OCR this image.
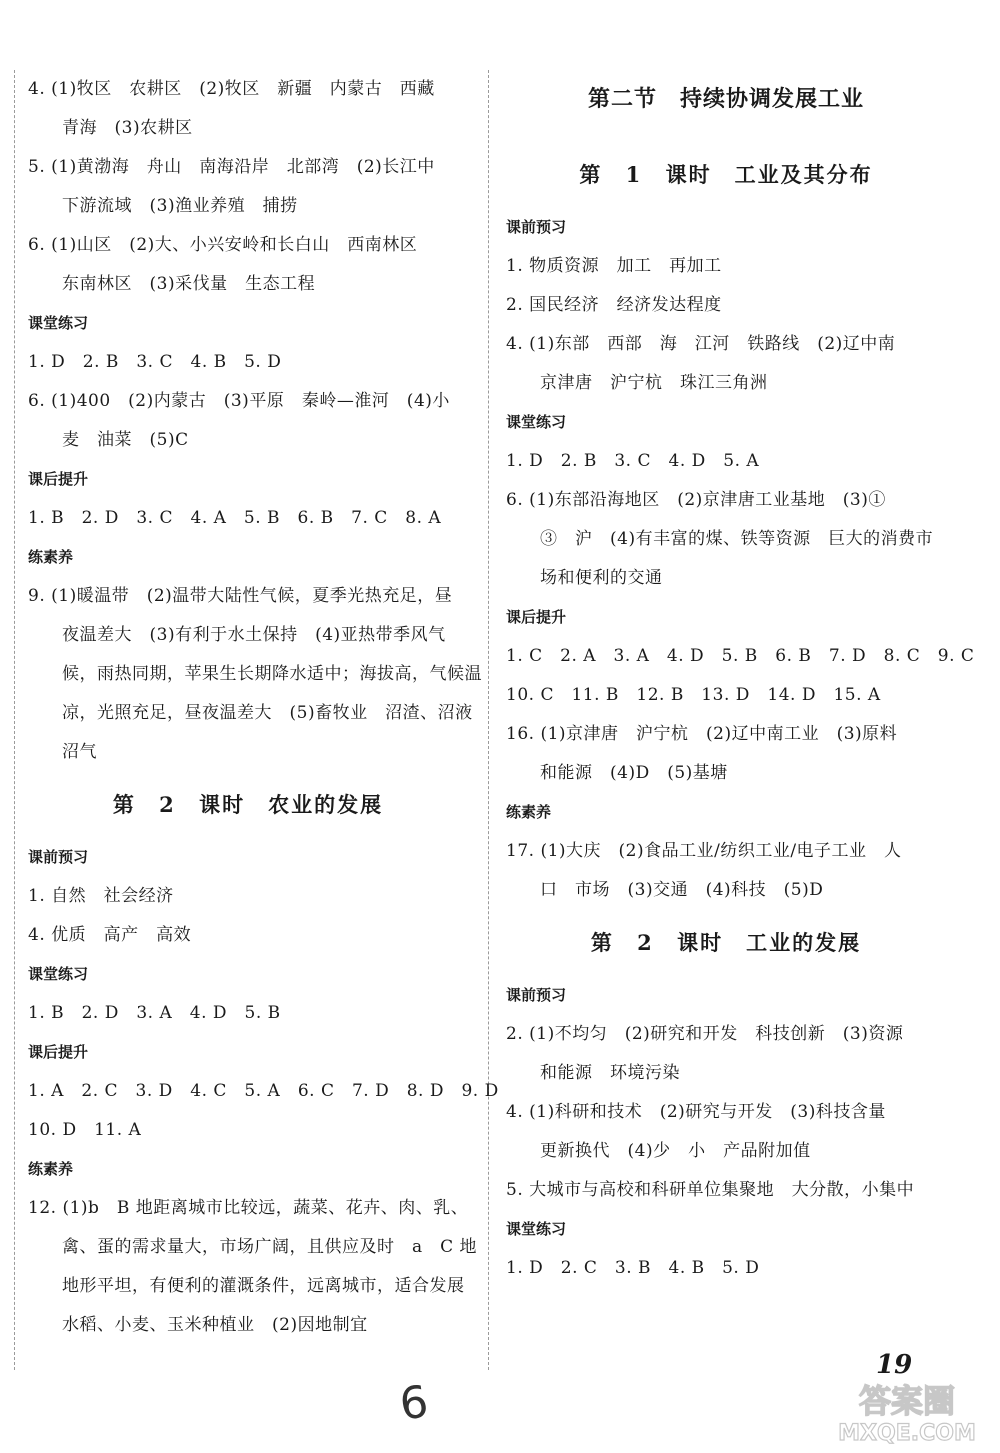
4. (1)牧区　农耕区　(2)牧区　新疆　内蒙古　西藏
青海　(3)农耕区
5. (1)黄渤海　舟山　南海沿岸　北部湾　(2)长江中
下游流域　(3)渔业养殖　捕捞
6. (1)山区　(2)大、小兴安岭和长白山　西南林区
东南林区　(3)采伐量　生态工程
课堂练习
1. D　2. B　3. C　4. B　5. D
6. (1)400　(2)内蒙古　(3)平原　秦岭—淮河　(4)小
麦　油菜　(5)C
课后提升
1. B　2. D　3. C　4. A　5. B　6. B　7. C　8. A
练素养
9. (1)暖温带　(2)温带大陆性气候，夏季光热充足，昼
夜温差大　(3)有利于水土保持　(4)亚热带季风气
候，雨热同期，苹果生长期降水适中；海拔高，气候温
凉，光照充足，昼夜温差大　(5)畜牧业　沼渣、沼液
沼气
第 2 课时　农业的发展
课前预习
1. 自然　社会经济
4. 优质　高产　高效
课堂练习
1. B　2. D　3. A　4. D　5. B
课后提升
1. A　2. C　3. D　4. C　5. A　6. C　7. D　8. D　9. D
10. D　11. A
练素养
12. (1)b　B 地距离城市比较远，蔬菜、花卉、肉、乳、
禽、蛋的需求量大，市场广阔，且供应及时　a　C 地
地形平坦，有便利的灌溉条件，远离城市，适合发展
水稻、小麦、玉米种植业　(2)因地制宜
第二节　持续协调发展工业
第 1 课时　工业及其分布
课前预习
1. 物质资源　加工　再加工
2. 国民经济　经济发达程度
4. (1)东部　西部　海　江河　铁路线　(2)辽中南
京津唐　沪宁杭　珠江三角洲
课堂练习
1. D　2. B　3. C　4. D　5. A
6. (1)东部沿海地区　(2)京津唐工业基地　(3)①
③　沪　(4)有丰富的煤、铁等资源　巨大的消费市
场和便利的交通
课后提升
1. C　2. A　3. A　4. D　5. B　6. B　7. D　8. C　9. C
10. C　11. B　12. B　13. D　14. D　15. A
16. (1)京津唐　沪宁杭　(2)辽中南工业　(3)原料
和能源　(4)D　(5)基塘
练素养
17. (1)大庆　(2)食品工业/纺织工业/电子工业　人
口　市场　(3)交通　(4)科技　(5)D
第 2 课时　工业的发展
课前预习
2. (1)不均匀　(2)研究和开发　科技创新　(3)资源
和能源　环境污染
4. (1)科研和技术　(2)研究与开发　(3)科技含量
更新换代　(4)少　小　产品附加值
5. 大城市与高校和科研单位集聚地　大分散，小集中
课堂练习
1. D　2. C　3. B　4. B　5. D
19
6	答案圈
MXQE.COM
